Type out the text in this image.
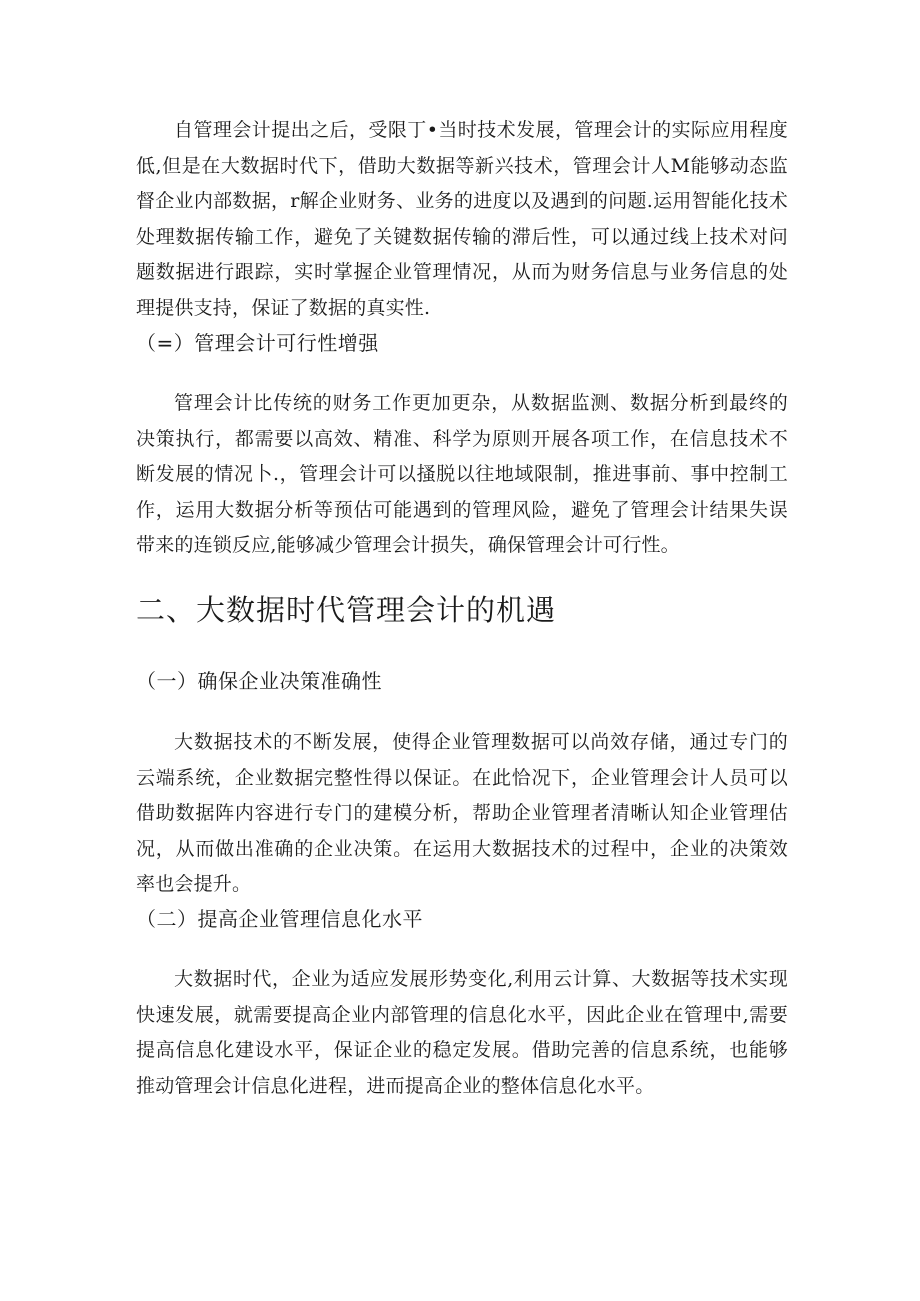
自管理会计提出之后，受限丁•当时技术发展，管理会计的实际应用程度低,但是在大数据时代下，借助大数据等新兴技术，管理会计人M能够动态监督企业内部数据，r解企业财务、业务的进度以及遇到的问题.运用智能化技术处理数据传输工作，避免了关键数据传输的滞后性，可以通过线上技术对问题数据进行跟踪，实时掌握企业管理情况，从而为财务信息与业务信息的处理提供支持，保证了数据的真实性.

（=）管理会计可行性增强

管理会计比传统的财务工作更加更杂，从数据监测、数据分析到最终的决策执行，都需要以高效、精准、科学为原则开展各项工作，在信息技术不断发展的情况卜.，管理会计可以搔脱以往地域限制，推进事前、事中控制工作，运用大数据分析等预估可能遇到的管理风险，避免了管理会计结果失误带来的连锁反应,能够减少管理会计损失，确保管理会计可行性。

二、大数据时代管理会计的机遇
（一）确保企业决策准确性

大数据技术的不断发展，使得企业管理数据可以尚效存储，通过专门的云端系统，企业数据完整性得以保证。在此恰况下，企业管理会计人员可以借助数据阵内容进行专门的建模分析，帮助企业管理者清晰认知企业管理估况，从而做出准确的企业决策。在运用大数据技术的过程中，企业的决策效率也会提升。

（二）提高企业管理信息化水平

大数据时代，企业为适应发展形势变化,利用云计算、大数据等技术实现快速发展，就需要提高企业内部管理的信息化水平，因此企业在管理中,需要提高信息化建设水平，保证企业的稳定发展。借助完善的信息系统，也能够推动管理会计信息化进程，进而提高企业的整体信息化水平。
